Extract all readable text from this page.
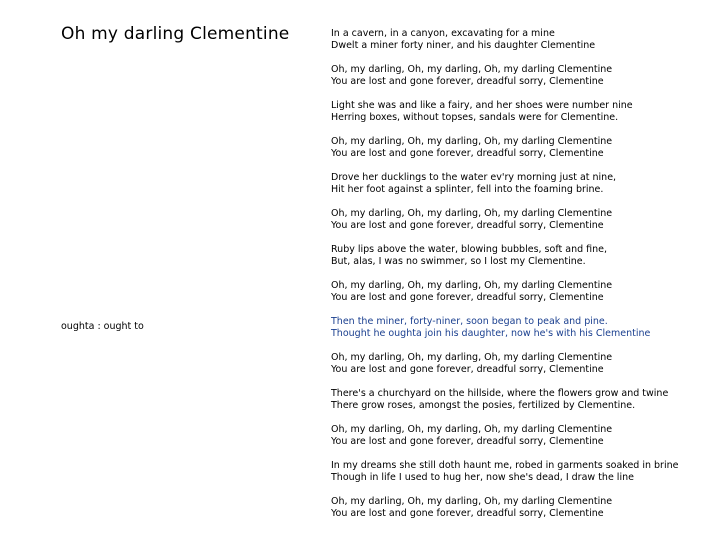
Oh my darling Clementine
oughta : ought to
In a cavern, in a canyon, excavating for a mine
Dwelt a miner forty niner, and his daughter Clementine
Oh, my darling, Oh, my darling, Oh, my darling Clementine
You are lost and gone forever, dreadful sorry, Clementine
Light she was and like a fairy, and her shoes were number nine
Herring boxes, without topses, sandals were for Clementine.
Oh, my darling, Oh, my darling, Oh, my darling Clementine
You are lost and gone forever, dreadful sorry, Clementine
Drove her ducklings to the water ev'ry morning just at nine,
Hit her foot against a splinter, fell into the foaming brine.
Oh, my darling, Oh, my darling, Oh, my darling Clementine
You are lost and gone forever, dreadful sorry, Clementine
Ruby lips above the water, blowing bubbles, soft and fine,
But, alas, I was no swimmer, so I lost my Clementine.
Oh, my darling, Oh, my darling, Oh, my darling Clementine
You are lost and gone forever, dreadful sorry, Clementine
Then the miner, forty-niner, soon began to peak and pine.
Thought he oughta join his daughter, now he's with his Clementine
Oh, my darling, Oh, my darling, Oh, my darling Clementine
You are lost and gone forever, dreadful sorry, Clementine
There's a churchyard on the hillside, where the flowers grow and twine
There grow roses, amongst the posies, fertilized by Clementine.
Oh, my darling, Oh, my darling, Oh, my darling Clementine
You are lost and gone forever, dreadful sorry, Clementine
In my dreams she still doth haunt me, robed in garments soaked in brine
Though in life I used to hug her, now she's dead, I draw the line
Oh, my darling, Oh, my darling, Oh, my darling Clementine
You are lost and gone forever, dreadful sorry, Clementine
